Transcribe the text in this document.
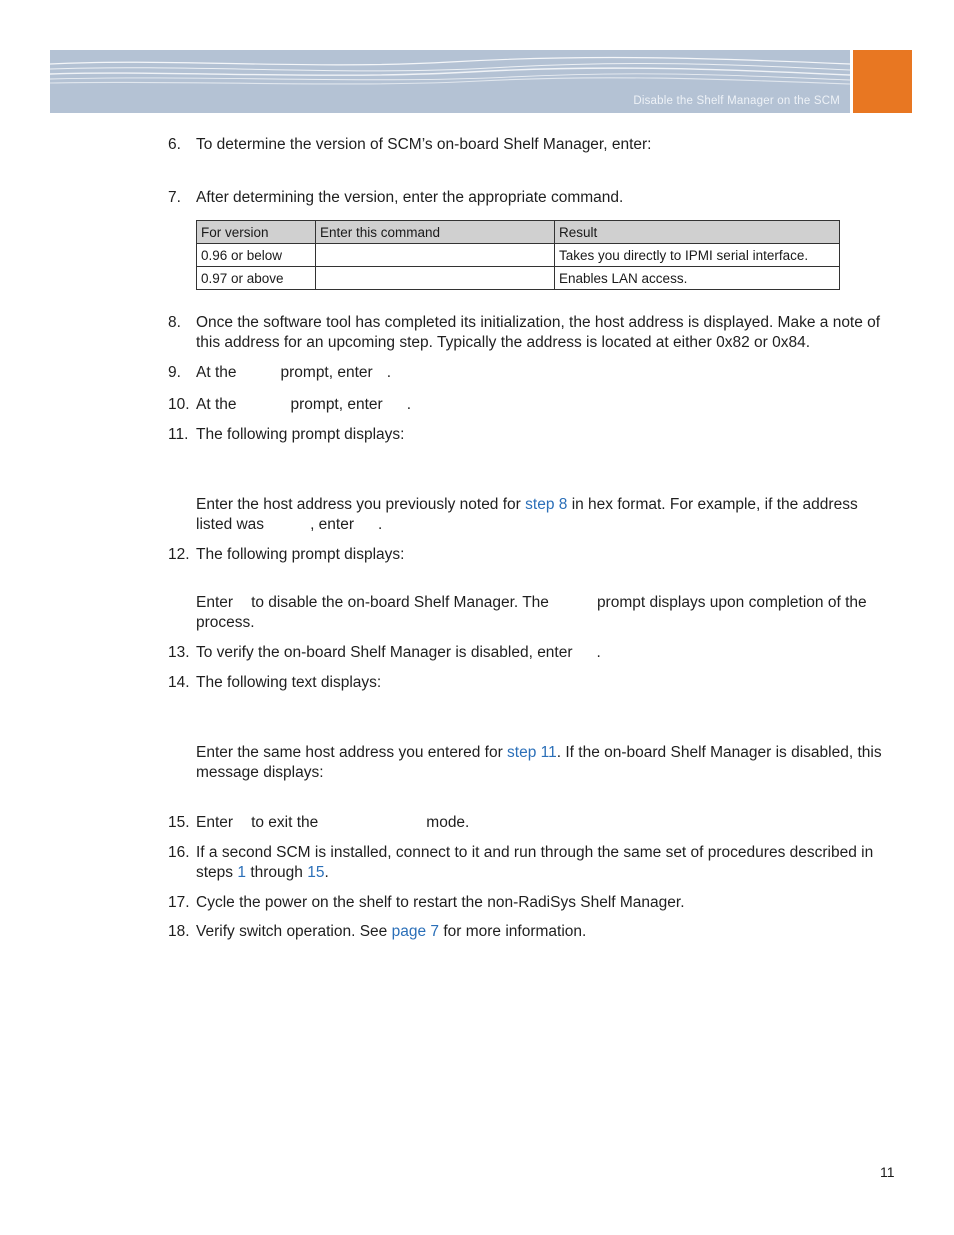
Disable the Shelf Manager on the SCM
6. To determine the version of SCM’s on-board Shelf Manager, enter:
7. After determining the version, enter the appropriate command.
For version	Enter this command	Result
0.96 or below		Takes you directly to IPMI serial interface.
0.97 or above		Enables LAN access.
8. Once the software tool has completed its initialization, the host address is displayed. Make a note of this address for an upcoming step. Typically the address is located at either 0x82 or 0x84.
9. At the	prompt, enter .
10. At the	prompt, enter .
11. The following prompt displays:
Enter the host address you previously noted for step 8 in hex format. For example, if the address listed was	, enter .
12. The following prompt displays:
Enter to disable the on-board Shelf Manager. The	prompt displays upon completion of the process.
13. To verify the on-board Shelf Manager is disabled, enter .
14. The following text displays:
Enter the same host address you entered for step 11. If the on-board Shelf Manager is disabled, this message displays:
15. Enter to exit the	mode.
16. If a second SCM is installed, connect to it and run through the same set of procedures described in steps 1 through 15.
17. Cycle the power on the shelf to restart the non-RadiSys Shelf Manager.
18. Verify switch operation. See page 7 for more information.
11
